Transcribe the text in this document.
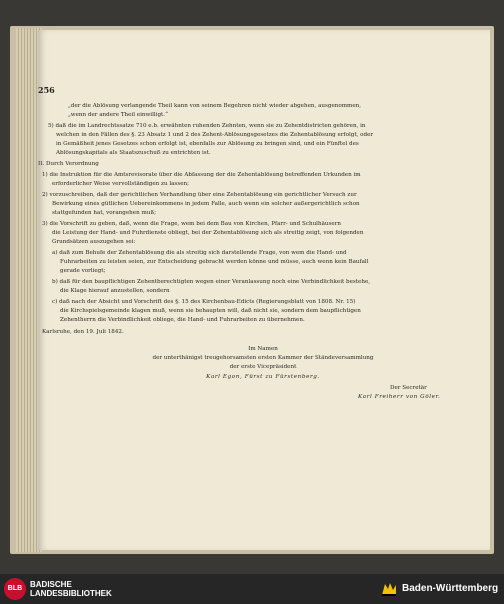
256
„der die Ablösung verlangende Theil kann von seinem Begehren nicht wieder abgehen, ausgenommen,
„wenn der andere Theil einwilligt.“
5) daß die im Landrechtssatze 710 e.b. erwähnten ruhenden Zehnten, wenn sie zu Zehentdistricten gehören, in
welchen in den Fällen des §. 23 Absatz 1 und 2 des Zehent-Ablösungsgesetzes die Zehentablösung erfolgt, oder
in Gemäßheit jenes Gesetzes schon erfolgt ist, ebenfalls zur Ablösung zu bringen sind, und ein Fünftel des
Ablösungskapitals als Staatszuschuß zu entrichten ist.
II. Durch Verordnung
1) die Instruktion für die Amtsrevisorate über die Abfassung der die Zehentablösung betreffenden Urkunden im
erforderlicher Weise vervollständigen zu lassen;
2) vorzuschreiben, daß der gerichtlichen Verhandlung über eine Zehentablösung ein gerichtlicher Versuch zur
Bewirkung eines gütlichen Uebereinkommens in jedem Falle, auch wenn ein solcher außergerichtlich schon
stattgefunden hat, vorangehen muß;
3) die Vorschrift zu geben, daß, wenn die Frage, wem bei dem Bau von Kirchen, Pfarr- und Schulhäusern
die Leistung der Hand- und Fuhrdienste obliegt, bei der Zehentablösung sich als streitig zeigt, von folgenden
Grundsätzen auszugehen sei:
a) daß zum Behufe der Zehentablösung die als streitig sich darstellende Frage, von wem die Hand- und
Fuhrarbeiten zu leisten seien, zur Entscheidung gebracht werden könne und müsse, auch wenn kein Baufall
gerade vorliegt;
b) daß für den baupflichtigen Zehentberechtigten wegen einer Veranlassung noch eine Verbindlichkeit bestehe,
die Klage hierauf anzustellen, sondern
c) daß nach der Absicht und Vorschrift des §. 15 des Kirchenbau-Edicts (Regierungsblatt von 1808. Nr. 15)
die Kirchspielsgemeinde klagen muß, wenn sie behaupten will, daß nicht sie, sondern dem baupflichtigen
Zehentherrn die Verbindlichkeit obliege, die Hand- und Fuhrarbeiten zu übernehmen.
Karlsruhe, den 19. Juli 1842.
Im Namen
der unterthänigst treugehorsamsten ersten Kammer der Ständeversammlung
der erste Vicepräsident
Karl Egon, Fürst zu Fürstenberg.
Der Secretär
Karl Freiherr von Göler.
BLB BADISCHE
LANDESBIBLIOTHEK	Baden-Württemberg
